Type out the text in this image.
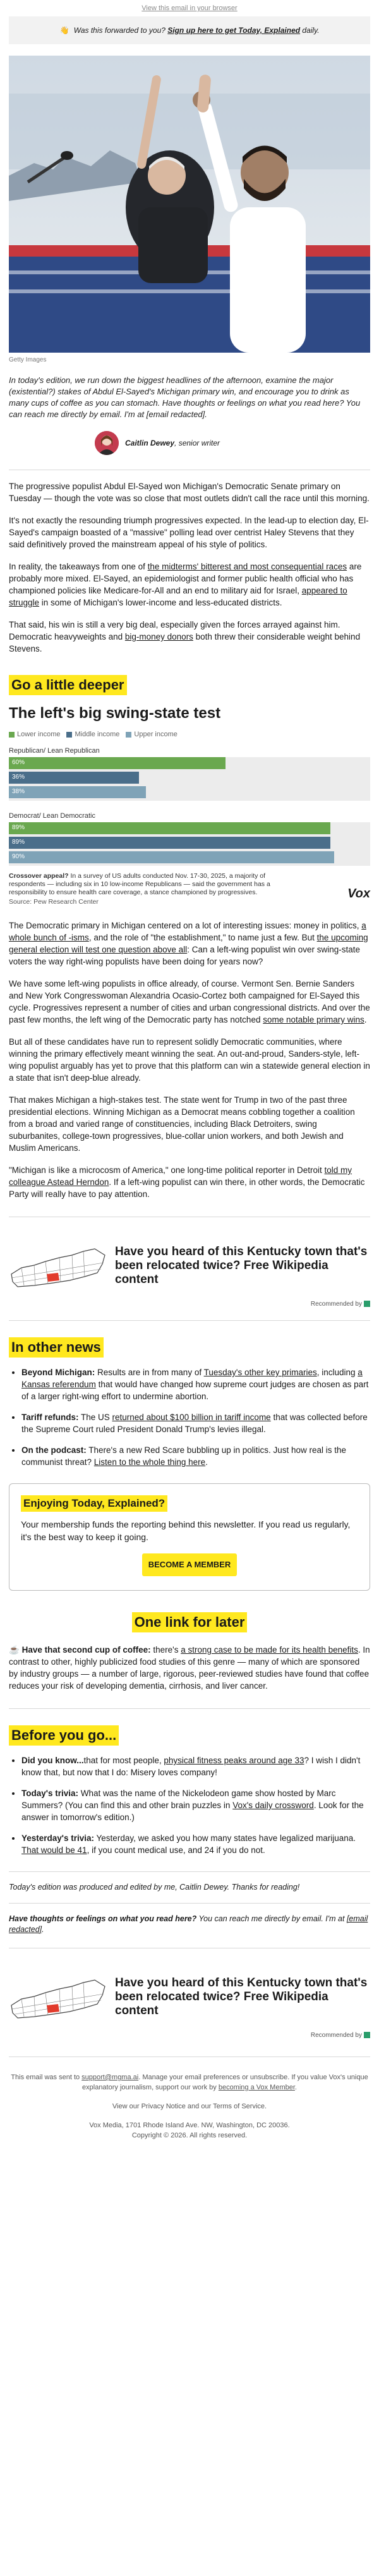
View this email in your browser
👋 Was this forwarded to you? Sign up here to get Today, Explained daily.
Getty Images
In today's edition, we run down the biggest headlines of the afternoon, examine the major (existential?) stakes of Abdul El-Sayed's Michigan primary win, and encourage you to drink as many cups of coffee as you can stomach. Have thoughts or feelings on what you read here? You can reach me directly by email. I'm at [email redacted].
Caitlin Dewey, senior writer

The progressive populist Abdul El-Sayed won Michigan's Democratic Senate primary on Tuesday — though the vote was so close that most outlets didn't call the race until this morning.

It's not exactly the resounding triumph progressives expected. In the lead-up to election day, El-Sayed's campaign boasted of a "massive" polling lead over centrist Haley Stevens that they said definitively proved the mainstream appeal of his style of politics.

In reality, the takeaways from one of the midterms' bitterest and most consequential races are probably more mixed. El-Sayed, an epidemiologist and former public health official who has championed policies like Medicare-for-All and an end to military aid for Israel, appeared to struggle in some of Michigan's lower-income and less-educated districts.

That said, his win is still a very big deal, especially given the forces arrayed against him. Democratic heavyweights and big-money donors both threw their considerable weight behind Stevens.

Go a little deeper
The left's big swing-state test
Lower income	Middle income	Upper income
Republican/ Lean Republican
60%
36%
38%
Democrat/ Lean Democratic
89%
89%
90%
Crossover appeal? In a survey of US adults conducted Nov. 17-30, 2025, a majority of respondents — including six in 10 low-income Republicans — said the government has a responsibility to ensure health care coverage, a stance championed by progressives.
Source: Pew Research Center
Vox

The Democratic primary in Michigan centered on a lot of interesting issues: money in politics, a whole bunch of -isms, and the role of "the establishment," to name just a few. But the upcoming general election will test one question above all: Can a left-wing populist win over swing-state voters the way right-wing populists have been doing for years now?

We have some left-wing populists in office already, of course. Vermont Sen. Bernie Sanders and New York Congresswoman Alexandria Ocasio-Cortez both campaigned for El-Sayed this cycle. Progressives represent a number of cities and urban congressional districts. And over the past few months, the left wing of the Democratic party has notched some notable primary wins.

But all of these candidates have run to represent solidly Democratic communities, where winning the primary effectively meant winning the seat. An out-and-proud, Sanders-style, left-wing populist arguably has yet to prove that this platform can win a statewide general election in a state that isn't deep-blue already.

That makes Michigan a high-stakes test. The state went for Trump in two of the past three presidential elections. Winning Michigan as a Democrat means cobbling together a coalition from a broad and varied range of constituencies, including Black Detroiters, swing suburbanites, college-town progressives, blue-collar union workers, and both Jewish and Muslim Americans.

"Michigan is like a microcosm of America," one long-time political reporter in Detroit told my colleague Astead Herndon. If a left-wing populist can win there, in other words, the Democratic Party will really have to pay attention.

Have you heard of this Kentucky town that's been relocated twice? Free Wikipedia content
Recommended by
In other news
• Beyond Michigan: Results are in from many of Tuesday's other key primaries, including a Kansas referendum that would have changed how supreme court judges are chosen as part of a larger right-wing effort to undermine abortion.
• Tariff refunds: The US returned about $100 billion in tariff income that was collected before the Supreme Court ruled President Donald Trump's levies illegal.
• On the podcast: There's a new Red Scare bubbling up in politics. Just how real is the communist threat? Listen to the whole thing here.
Enjoying Today, Explained?

Your membership funds the reporting behind this newsletter. If you read us regularly, it's the best way to keep it going.

BECOME A MEMBER
One link for later
☕ Have that second cup of coffee: there's a strong case to be made for its health benefits. In contrast to other, highly publicized food studies of this genre — many of which are sponsored by industry groups — a number of large, rigorous, peer-reviewed studies have found that coffee reduces your risk of developing dementia, cirrhosis, and liver cancer.
Before you go...
• Did you know...that for most people, physical fitness peaks around age 33? I wish I didn't know that, but now that I do: Misery loves company!
• Today's trivia: What was the name of the Nickelodeon game show hosted by Marc Summers? (You can find this and other brain puzzles in Vox's daily crossword. Look for the answer in tomorrow's edition.)
• Yesterday's trivia: Yesterday, we asked you how many states have legalized marijuana. That would be 41, if you count medical use, and 24 if you do not.
Today's edition was produced and edited by me, Caitlin Dewey. Thanks for reading!
Have thoughts or feelings on what you read here? You can reach me directly by email. I'm at [email redacted].
Have you heard of this Kentucky town that's been relocated twice? Free Wikipedia content
Recommended by
This email was sent to support@mgma.ai. Manage your email preferences or unsubscribe. If you value Vox's unique explanatory journalism, support our work by becoming a Vox Member.
View our Privacy Notice and our Terms of Service.
Vox Media, 1701 Rhode Island Ave. NW, Washington, DC 20036.
Copyright © 2026. All rights reserved.
